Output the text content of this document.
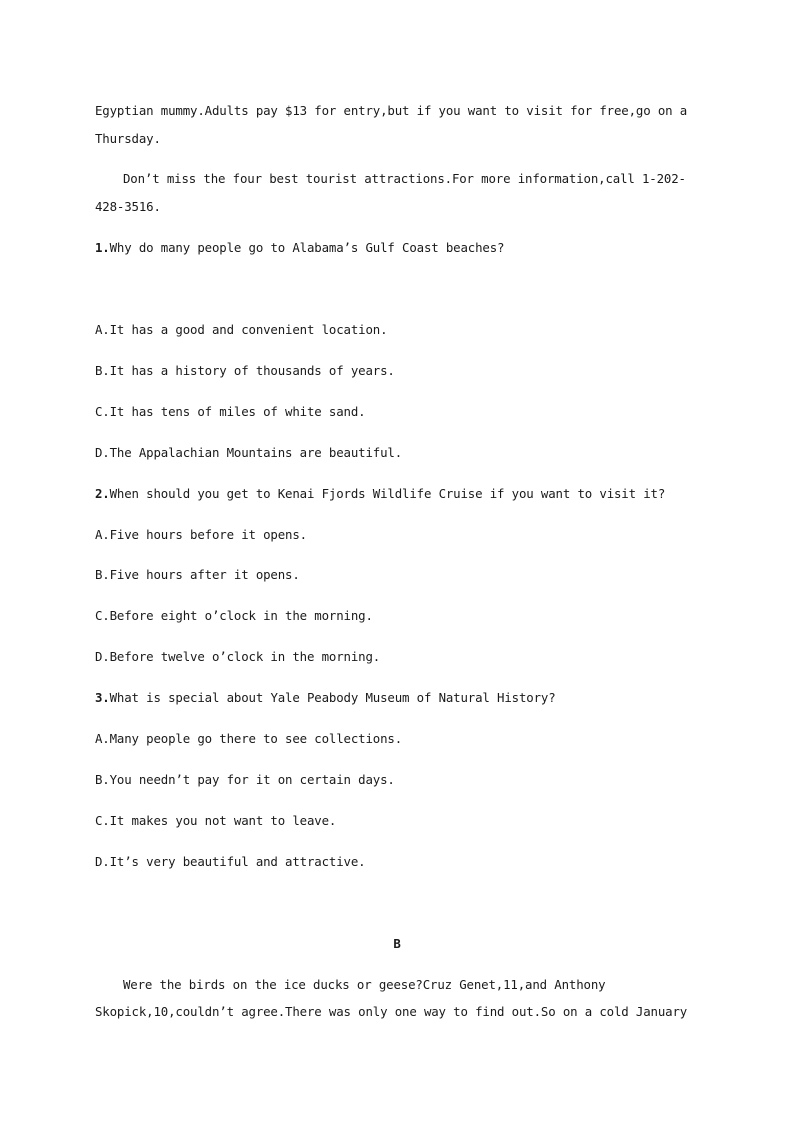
Egyptian mummy.Adults pay $13 for entry,but if you want to visit for free,go on a
Thursday.
Don’t miss the four best tourist attractions.For more information,call 1-202-
428-3516.
1.Why do many people go to Alabama’s Gulf Coast beaches?
A.It has a good and convenient location.
B.It has a history of thousands of years.
C.It has tens of miles of white sand.
D.The Appalachian Mountains are beautiful.
2.When should you get to Kenai Fjords Wildlife Cruise if you want to visit it?
A.Five hours before it opens.
B.Five hours after it opens.
C.Before eight o’clock in the morning.
D.Before twelve o’clock in the morning.
3.What is special about Yale Peabody Museum of Natural History?
A.Many people go there to see collections.
B.You needn’t pay for it on certain days.
C.It makes you not want to leave.
D.It’s very beautiful and attractive.
B
Were the birds on the ice ducks or geese?Cruz Genet,11,and Anthony
Skopick,10,couldn’t agree.There was only one way to find out.So on a cold January
